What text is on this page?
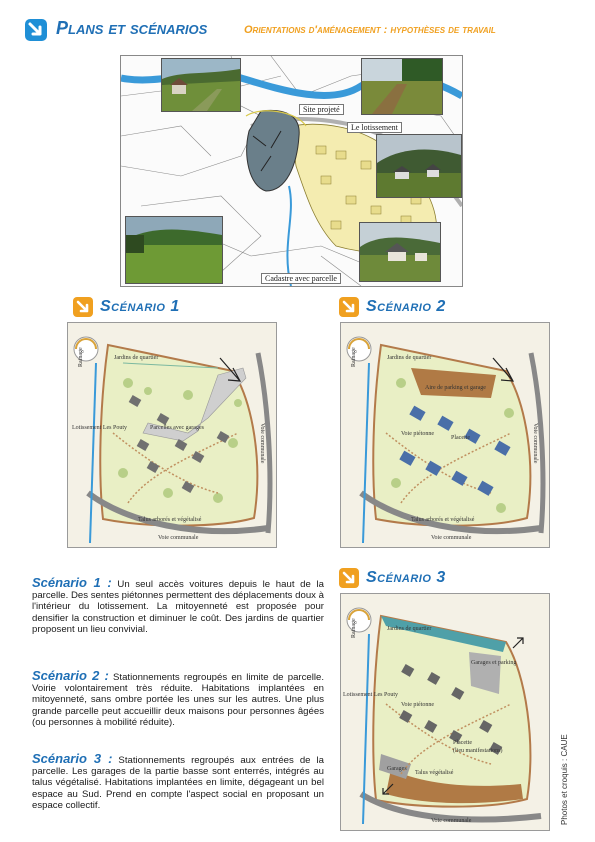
Plans et scénarios	Orientations d'aménagement : hypothèses de travail
Site projeté
Le lotissement
Cadastre avec parcelle
Scénario 1	Scénario 2
Scénario 3
Jardins de quartier
Lotissement Les Pouty	Parcelles avec garages
Talus arborés et végétalisé
Voie communale
Voie communale
Rainage	Jardins de quartier
Aire de parking et garage
Placette
Voie piétonne
Talus arborés et végétalisé
Voie communale
Voie communale
Rainage
Jardins de quartier
Garages et parking
Lotissement Les Pouty
Placette
(lieu manifestations)
Voie piétonne
Garages
Talus végétalisé
Voie communale
Rainage
Scénario 1 : Un seul accès voitures depuis le haut de la parcelle. Des sentes piétonnes permettent des déplacements doux à l'intérieur du lotissement. La mitoyenneté est proposée pour densifier la construction et diminuer le coût. Des jardins de quartier proposent un lieu convivial.
Scénario 2 : Stationnements regroupés en limite de parcelle. Voirie volontairement très réduite. Habitations implantées en mitoyenneté, sans ombre portée les unes sur les autres. Une plus grande parcelle peut accueillir deux maisons pour personnes âgées (ou personnes à mobilité réduite).
Scénario 3 : Stationnements regroupés aux entrées de la parcelle. Les garages de la partie basse sont enterrés, intégrés au talus végétalisé. Habitations implantées en limite, dégageant un bel espace au Sud. Prend en compte l'aspect social en proposant un espace collectif.	Photos et croquis : CAUE
